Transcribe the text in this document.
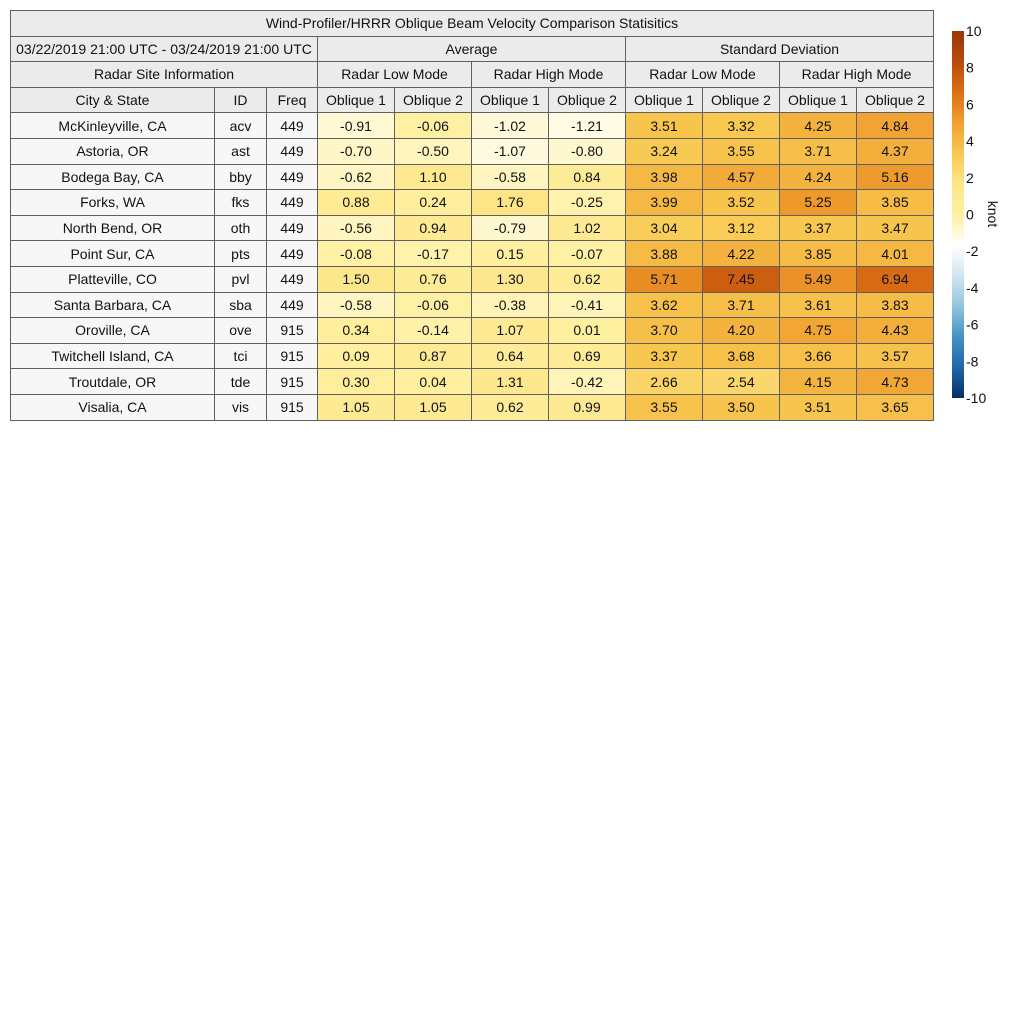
Wind-Profiler/HRRR Oblique Beam Velocity Comparison Statisitics										
03/22/2019 21:00 UTC - 03/24/2019 21:00 UTC			Average				Standard Deviation			
Radar Site Information			Radar Low Mode		Radar High Mode		Radar Low Mode		Radar High Mode	
City & State	ID	Freq	Oblique 1	Oblique 2	Oblique 1	Oblique 2	Oblique 1	Oblique 2	Oblique 1	Oblique 2
McKinleyville, CA	acv	449	-0.91	-0.06	-1.02	-1.21	3.51	3.32	4.25	4.84
Astoria, OR	ast	449	-0.70	-0.50	-1.07	-0.80	3.24	3.55	3.71	4.37
Bodega Bay, CA	bby	449	-0.62	1.10	-0.58	0.84	3.98	4.57	4.24	5.16
Forks, WA	fks	449	0.88	0.24	1.76	-0.25	3.99	3.52	5.25	3.85
North Bend, OR	oth	449	-0.56	0.94	-0.79	1.02	3.04	3.12	3.37	3.47
Point Sur, CA	pts	449	-0.08	-0.17	0.15	-0.07	3.88	4.22	3.85	4.01
Platteville, CO	pvl	449	1.50	0.76	1.30	0.62	5.71	7.45	5.49	6.94
Santa Barbara, CA	sba	449	-0.58	-0.06	-0.38	-0.41	3.62	3.71	3.61	3.83
Oroville, CA	ove	915	0.34	-0.14	1.07	0.01	3.70	4.20	4.75	4.43
Twitchell Island, CA	tci	915	0.09	0.87	0.64	0.69	3.37	3.68	3.66	3.57
Troutdale, OR	tde	915	0.30	0.04	1.31	-0.42	2.66	2.54	4.15	4.73
Visalia, CA	vis	915	1.05	1.05	0.62	0.99	3.55	3.50	3.51	3.65
10
8
6
4
2
0
-2
-4
-6
-8
-10
knot
